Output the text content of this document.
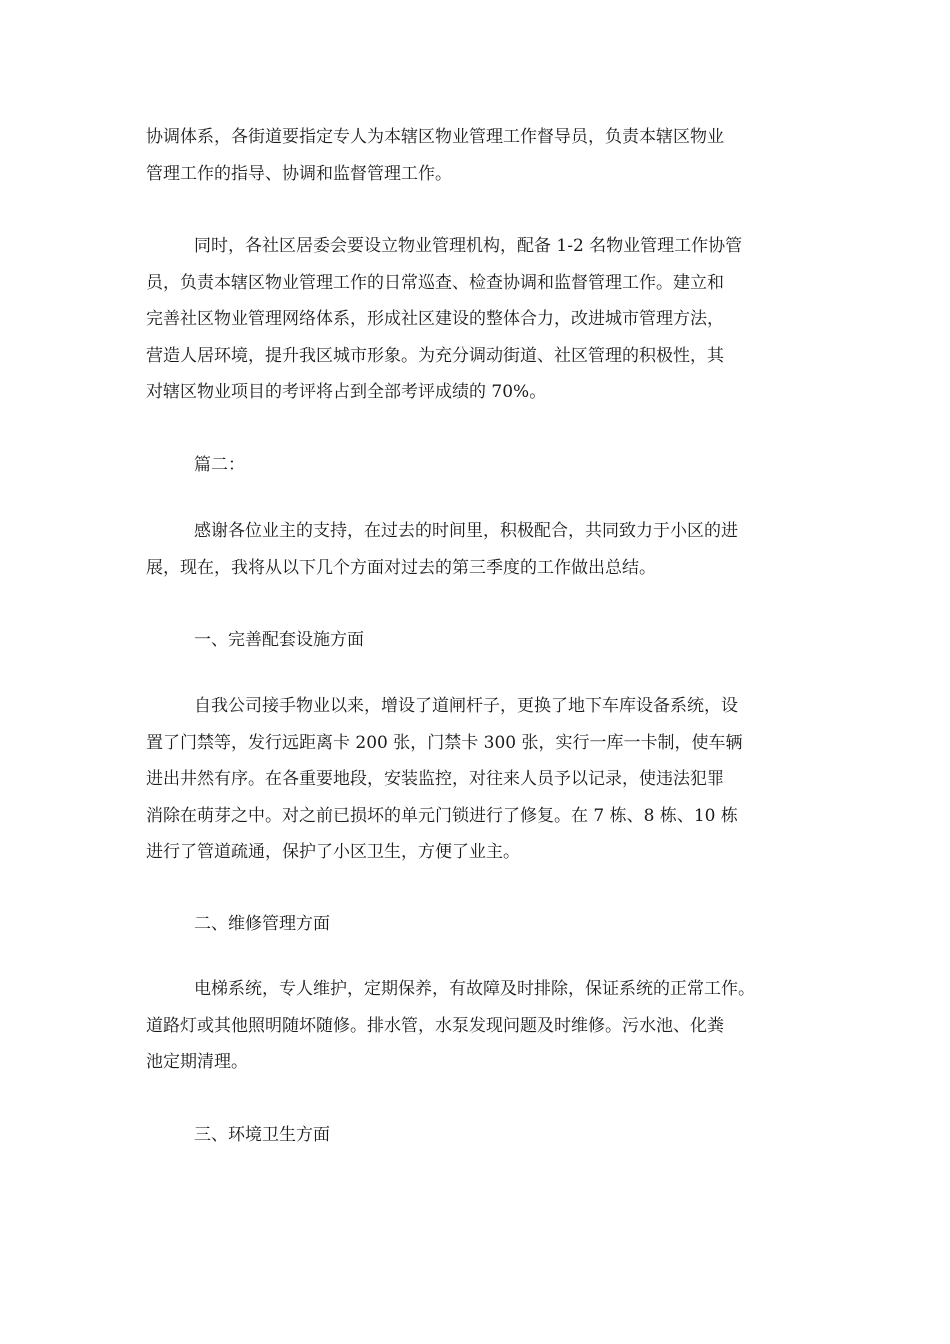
协调体系，各街道要指定专人为本辖区物业管理工作督导员，负责本辖区物业
管理工作的指导、协调和监督管理工作。
同时，各社区居委会要设立物业管理机构，配备 1-2 名物业管理工作协管
员，负责本辖区物业管理工作的日常巡查、检查协调和监督管理工作。建立和
完善社区物业管理网络体系，形成社区建设的整体合力，改进城市管理方法，
营造人居环境，提升我区城市形象。为充分调动街道、社区管理的积极性，其
对辖区物业项目的考评将占到全部考评成绩的 70%。
篇二：
感谢各位业主的支持，在过去的时间里，积极配合，共同致力于小区的进
展，现在，我将从以下几个方面对过去的第三季度的工作做出总结。
一、完善配套设施方面
自我公司接手物业以来，增设了道闸杆子，更换了地下车库设备系统，设
置了门禁等，发行远距离卡 200 张，门禁卡 300 张，实行一库一卡制，使车辆
进出井然有序。在各重要地段，安装监控，对往来人员予以记录，使违法犯罪
消除在萌芽之中。对之前已损坏的单元门锁进行了修复。在 7 栋、8 栋、10 栋
进行了管道疏通，保护了小区卫生，方便了业主。
二、维修管理方面
电梯系统，专人维护，定期保养，有故障及时排除，保证系统的正常工作。
道路灯或其他照明随坏随修。排水管，水泵发现问题及时维修。污水池、化粪
池定期清理。
三、环境卫生方面
